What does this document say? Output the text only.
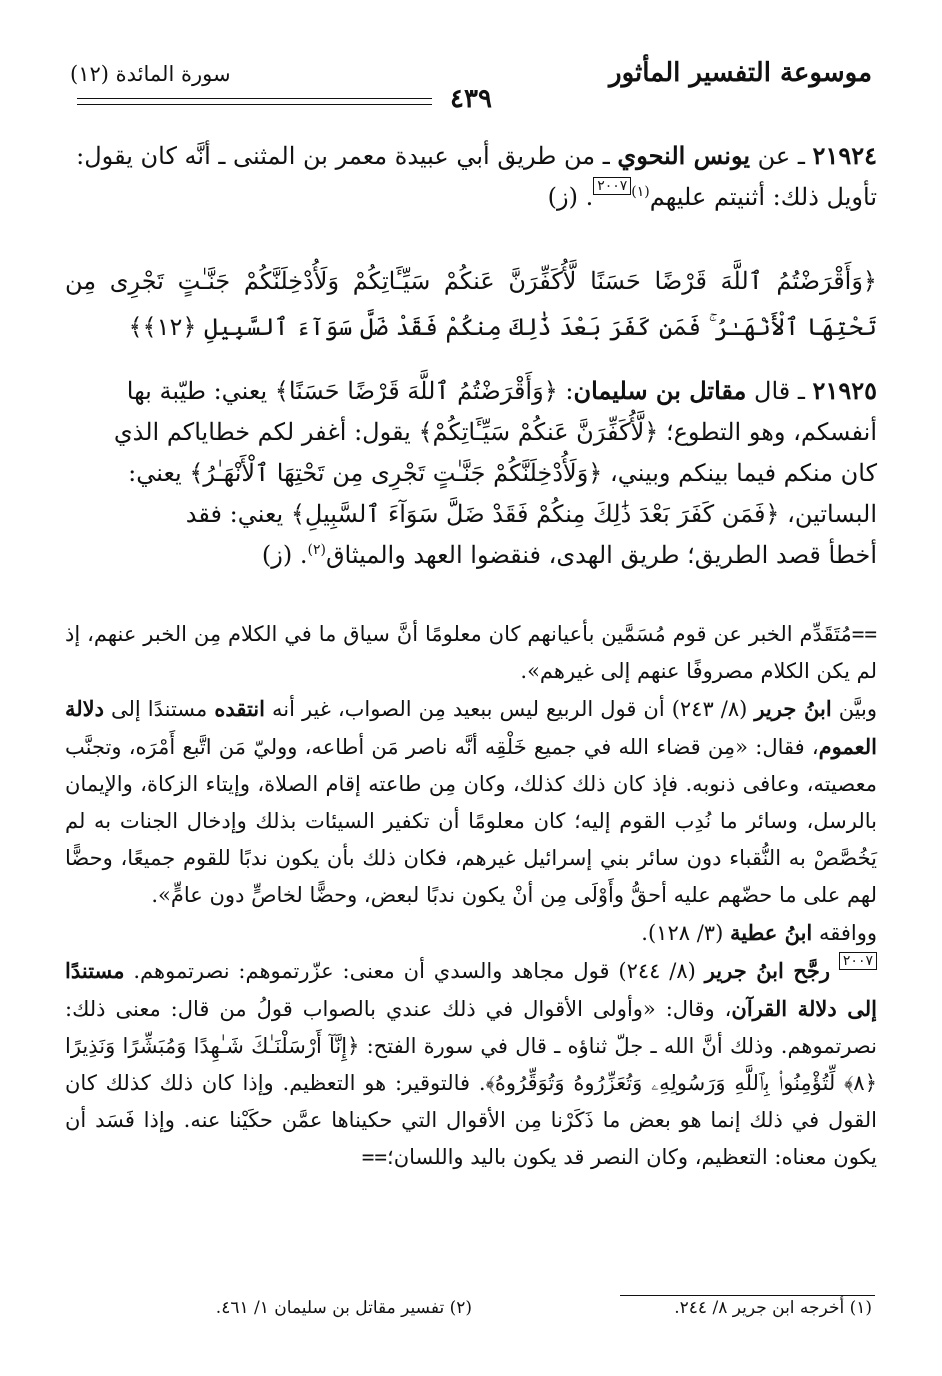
موسوعة التفسير المأثور
٤٣٩
سورة المائدة (١٢)

٢١٩٢٤ ـ عن يونس النحوي ـ من طريق أبي عبيدة معمر بن المثنى ـ أنَّه كان يقول:

تأويل ذلك: أثنيتم عليهم$^{(١)}$٢٠٠٧. (ز)

﴿وَأَقْرَضْتُمُ ٱللَّهَ قَرْضًا حَسَنًا لَّأُكَفِّرَنَّ عَنكُمْ سَيِّـَٔاتِكُمْ وَلَأُدْخِلَنَّكُمْ جَنَّـٰتٍ تَجْرِى مِن

تَحْتِهَا ٱلْأَنْهَـٰرُ ۚ فَمَن كَفَرَ بَعْدَ ذَٰلِكَ مِنكُمْ فَقَدْ ضَلَّ سَوَآءَ ٱلسَّبِيلِ ﴿١٢﴾﴾

٢١٩٢٥ ـ قال مقاتل بن سليمان: ﴿وَأَقْرَضْتُمُ ٱللَّهَ قَرْضًا حَسَنًا﴾ يعني: طيّبة بها

أنفسكم، وهو التطوع؛ ﴿لَّأُكَفِّرَنَّ عَنكُمْ سَيِّـَٔاتِكُمْ﴾ يقول: أغفر لكم خطاياكم الذي

كان منكم فيما بينكم وبيني، ﴿وَلَأُدْخِلَنَّكُمْ جَنَّـٰتٍ تَجْرِى مِن تَحْتِهَا ٱلْأَنْهَـٰرُ﴾ يعني:

البساتين، ﴿فَمَن كَفَرَ بَعْدَ ذَٰلِكَ مِنكُمْ فَقَدْ ضَلَّ سَوَآءَ ٱلسَّبِيلِ﴾ يعني: فقد

أخطأ قصد الطريق؛ طريق الهدى، فنقضوا العهد والميثاق$^{(٢)}$. (ز)

==مُتَقَدِّم الخبر عن قوم مُسَمَّين بأعيانهم كان معلومًا أنَّ سياق ما في الكلام مِن الخبر عنهم، إذ لم يكن الكلام مصروفًا عنهم إلى غيرهم».

وبيَّن ابنُ جرير (٨/ ٢٤٣) أن قول الربيع ليس ببعيد مِن الصواب، غير أنه انتقده مستندًا إلى دلالة العموم، فقال: «مِن قضاء الله في جميع خَلْقِه أنَّه ناصر مَن أطاعه، ووليّ مَن اتَّبع أَمْرَه، وتجنَّب معصيته، وعافى ذنوبه. فإذ كان ذلك كذلك، وكان مِن طاعته إقام الصلاة، وإيتاء الزكاة، والإيمان بالرسل، وسائر ما نُدِب القوم إليه؛ كان معلومًا أن تكفير السيئات بذلك وإدخال الجنات به لم يَخُصَّصْ به النُّقباء دون سائر بني إسرائيل غيرهم، فكان ذلك بأن يكون ندبًا للقوم جميعًا، وحضًّا لهم على ما حضّهم عليه أحقُّ وأَوْلَى مِن أنْ يكون ندبًا لبعض، وحضًّا لخاصٍّ دون عامٍّ».

ووافقه ابنُ عطية (٣/ ١٢٨).

٢٠٠٧ رجَّح ابنُ جرير (٨/ ٢٤٤) قول مجاهد والسدي أن معنى: عزّرتموهم: نصرتموهم. مستندًا إلى دلالة القرآن، وقال: «وأولى الأقوال في ذلك عندي بالصواب قولُ من قال: معنى ذلك: نصرتموهم. وذلك أنَّ الله ـ جلّ ثناؤه ـ قال في سورة الفتح: ﴿إِنَّآ أَرْسَلْنَـٰكَ شَـٰهِدًا وَمُبَشِّرًا وَنَذِيرًا ﴿٨﴾ لِّتُؤْمِنُوا۟ بِٱللَّهِ وَرَسُولِهِۦ وَتُعَزِّرُوهُ وَتُوَقِّرُوهُ﴾. فالتوقير: هو التعظيم. وإذا كان ذلك كذلك كان القول في ذلك إنما هو بعض ما ذَكَرْنا مِن الأقوال التي حكيناها عمَّن حكَيْنا عنه. وإذا فَسَد أن يكون معناه: التعظيم، وكان النصر قد يكون باليد واللسان؛==

(١) أخرجه ابن جرير ٨/ ٢٤٤.
(٢) تفسير مقاتل بن سليمان ١/ ٤٦١.
